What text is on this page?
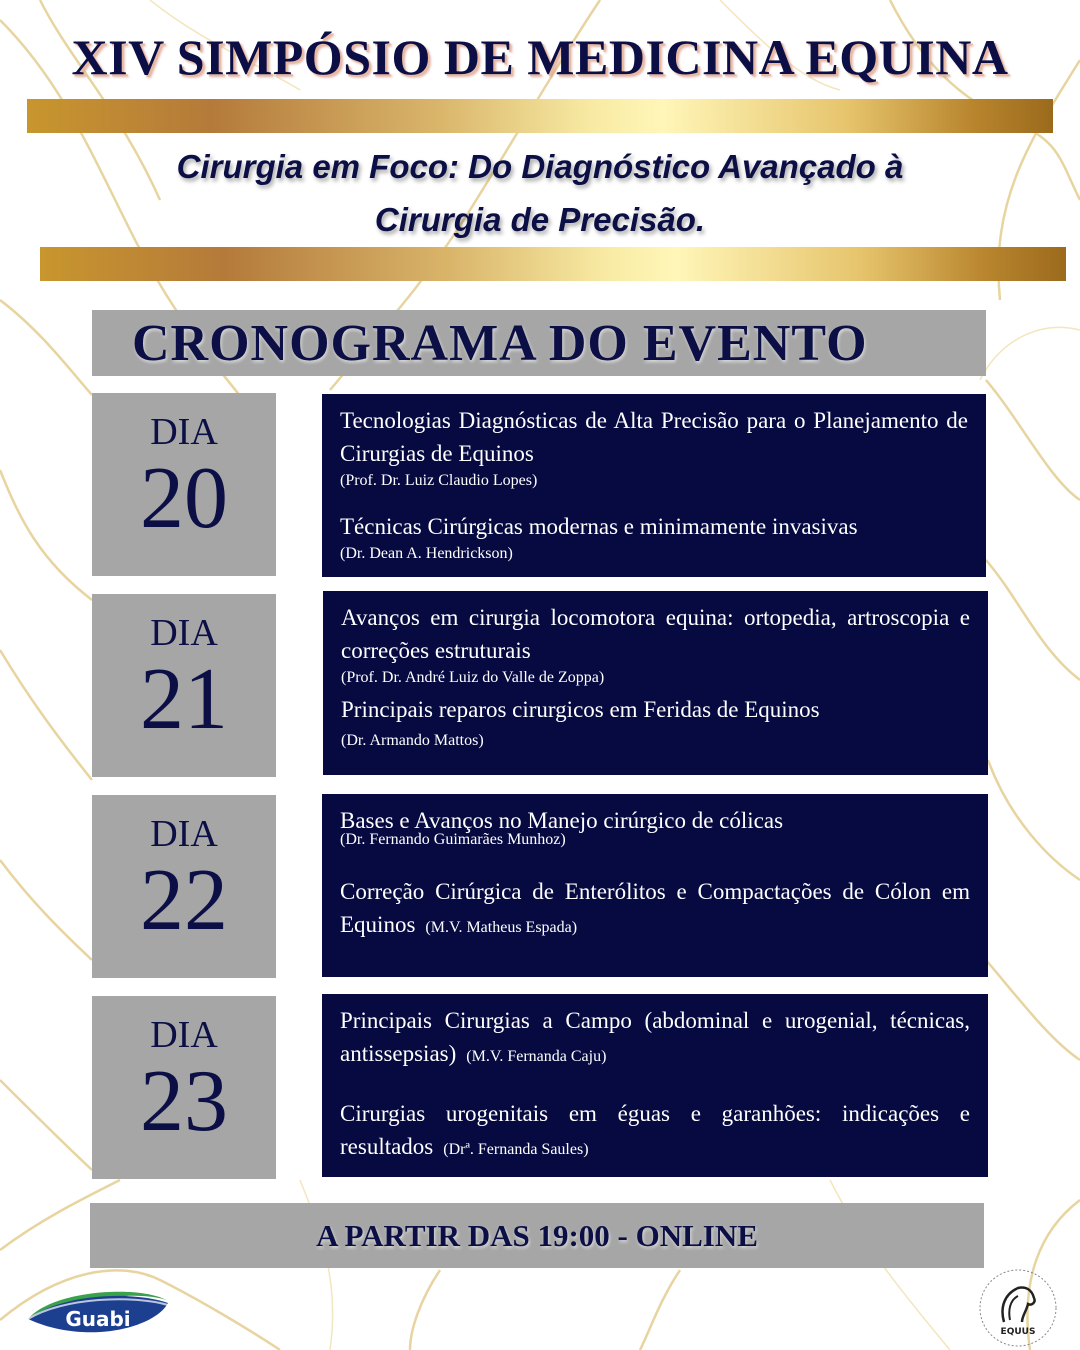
XIV SIMPÓSIO DE MEDICINA EQUINA
Cirurgia em Foco: Do Diagnóstico Avançado à
Cirurgia de Precisão.
CRONOGRAMA DO EVENTO
DIA
20
Tecnologias Diagnósticas de Alta Precisão para o Planejamento de Cirurgias de Equinos
(Prof. Dr. Luiz Claudio Lopes)
Técnicas Cirúrgicas modernas e minimamente invasivas
(Dr. Dean A. Hendrickson)
DIA
21
Avanços em cirurgia locomotora equina: ortopedia, artroscopia e correções estruturais
(Prof. Dr. André Luiz do Valle de Zoppa)
Principais reparos cirurgicos em Feridas de Equinos
(Dr. Armando Mattos)
DIA
22
Bases e Avanços no Manejo cirúrgico de cólicas
(Dr. Fernando Guimarães Munhoz)
Correção Cirúrgica de Enterólitos e Compactações de Cólon em Equinos (M.V. Matheus Espada)
DIA
23
Principais Cirurgias a Campo (abdominal e urogenial, técnicas, antissepsias) (M.V. Fernanda Caju)
Cirurgias urogenitais em éguas e garanhões: indicações e resultados (Drª. Fernanda Saules)
A PARTIR DAS 19:00 - ONLINE
Guabi
EQUUS
